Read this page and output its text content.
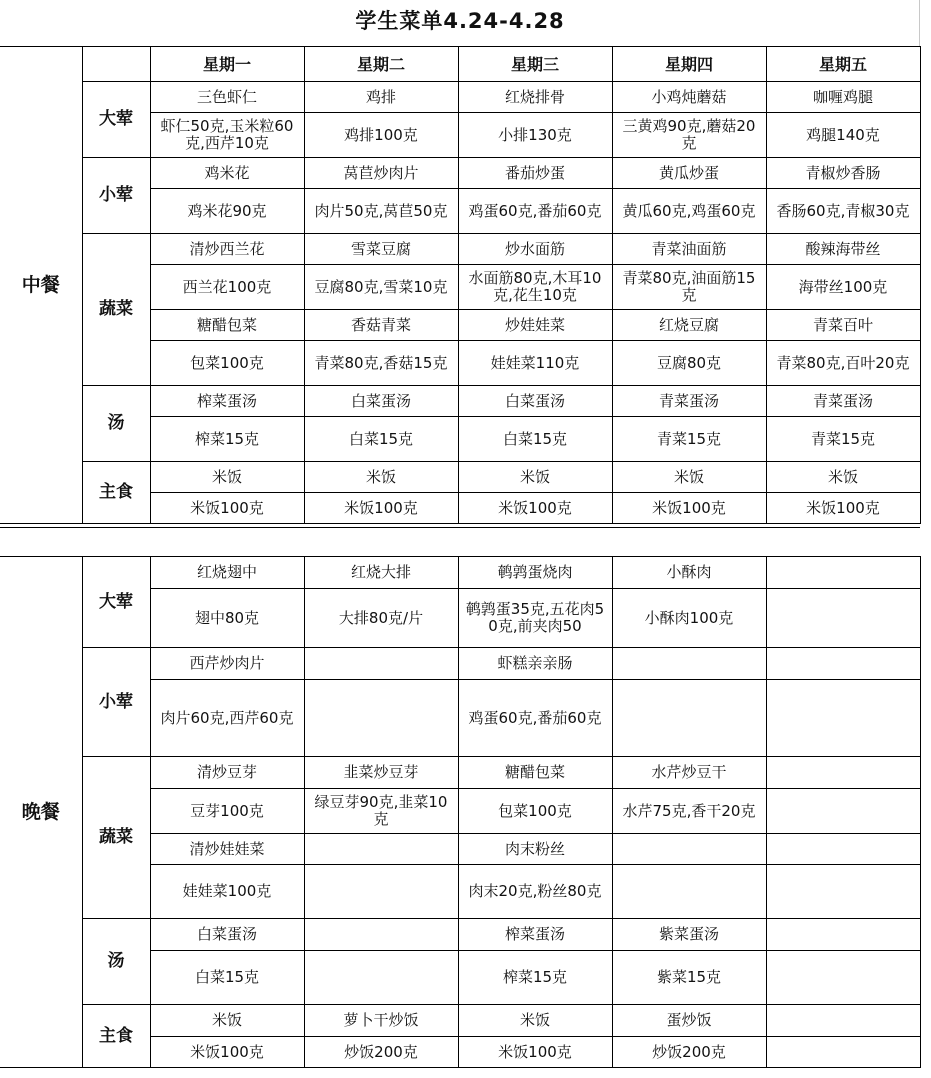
学生菜单4.24-4.28
中餐		星期一	星期二	星期三	星期四	星期五
	大荤	三色虾仁	鸡排	红烧排骨	小鸡炖蘑菇	咖喱鸡腿
		虾仁50克,玉米粒60克,西芹10克	鸡排100克	小排130克	三黄鸡90克,蘑菇20克	鸡腿140克
	小荤	鸡米花	莴苣炒肉片	番茄炒蛋	黄瓜炒蛋	青椒炒香肠
		鸡米花90克	肉片50克,莴苣50克	鸡蛋60克,番茄60克	黄瓜60克,鸡蛋60克	香肠60克,青椒30克
	蔬菜	清炒西兰花	雪菜豆腐	炒水面筋	青菜油面筋	酸辣海带丝
		西兰花100克	豆腐80克,雪菜10克	水面筋80克,木耳10克,花生10克	青菜80克,油面筋15克	海带丝100克
		糖醋包菜	香菇青菜	炒娃娃菜	红烧豆腐	青菜百叶
		包菜100克	青菜80克,香菇15克	娃娃菜110克	豆腐80克	青菜80克,百叶20克
	汤	榨菜蛋汤	白菜蛋汤	白菜蛋汤	青菜蛋汤	青菜蛋汤
		榨菜15克	白菜15克	白菜15克	青菜15克	青菜15克
	主食	米饭	米饭	米饭	米饭	米饭
		米饭100克	米饭100克	米饭100克	米饭100克	米饭100克
晚餐	大荤	红烧翅中	红烧大排	鹌鹑蛋烧肉	小酥肉	
		翅中80克	大排80克/片	鹌鹑蛋35克,五花肉50克,前夹肉50	小酥肉100克	
	小荤	西芹炒肉片		虾糕亲亲肠		
		肉片60克,西芹60克		鸡蛋60克,番茄60克		
	蔬菜	清炒豆芽	韭菜炒豆芽	糖醋包菜	水芹炒豆干	
		豆芽100克	绿豆芽90克,韭菜10克	包菜100克	水芹75克,香干20克	
		清炒娃娃菜		肉末粉丝		
		娃娃菜100克		肉末20克,粉丝80克		
	汤	白菜蛋汤		榨菜蛋汤	紫菜蛋汤	
		白菜15克		榨菜15克	紫菜15克	
	主食	米饭	萝卜干炒饭	米饭	蛋炒饭	
		米饭100克	炒饭200克	米饭100克	炒饭200克	
